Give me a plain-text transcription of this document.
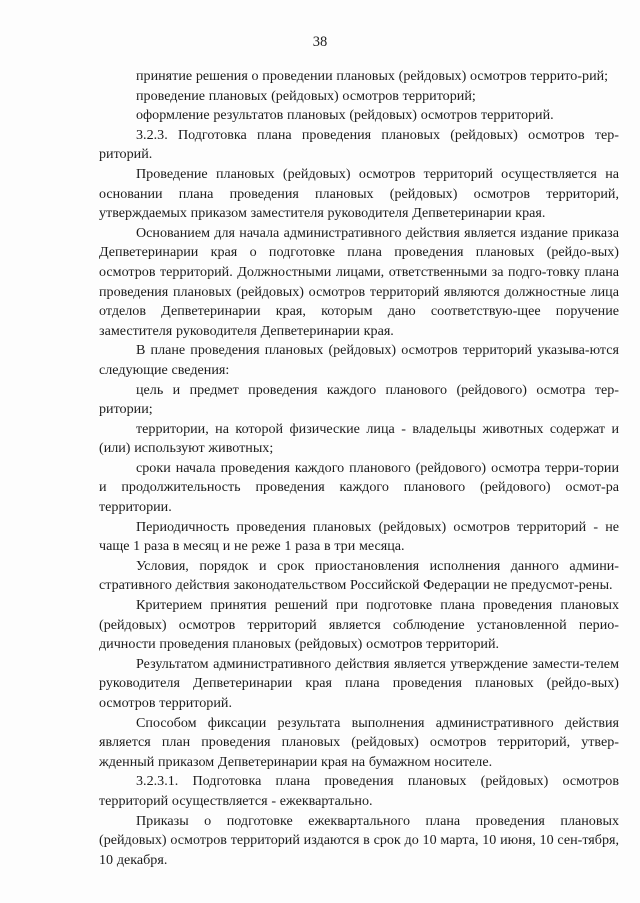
38

принятие решения о проведении плановых (рейдовых) осмотров террито-рий;

проведение плановых (рейдовых) осмотров территорий;

оформление результатов плановых (рейдовых) осмотров территорий.

3.2.3. Подготовка плана проведения плановых (рейдовых) осмотров тер-риторий.

Проведение плановых (рейдовых) осмотров территорий осуществляется на основании плана проведения плановых (рейдовых) осмотров территорий, утверждаемых приказом заместителя руководителя Депветеринарии края.

Основанием для начала административного действия является издание приказа Депветеринарии края о подготовке плана проведения плановых (рейдо-вых) осмотров территорий. Должностными лицами, ответственными за подго-товку плана проведения плановых (рейдовых) осмотров территорий являются должностные лица отделов Депветеринарии края, которым дано соответствую-щее поручение заместителя руководителя Депветеринарии края.

В плане проведения плановых (рейдовых) осмотров территорий указыва-ются следующие сведения:

цель и предмет проведения каждого планового (рейдового) осмотра тер-ритории;

территории, на которой физические лица - владельцы животных содержат и (или) используют животных;

сроки начала проведения каждого планового (рейдового) осмотра терри-тории и продолжительность проведения каждого планового (рейдового) осмот-ра территории.

Периодичность проведения плановых (рейдовых) осмотров территорий - не чаще 1 раза в месяц и не реже 1 раза в три месяца.

Условия, порядок и срок приостановления исполнения данного админи-стративного действия законодательством Российской Федерации не предусмот-рены.

Критерием принятия решений при подготовке плана проведения плановых (рейдовых) осмотров территорий является соблюдение установленной перио-дичности проведения плановых (рейдовых) осмотров территорий.

Результатом административного действия является утверждение замести-телем руководителя Депветеринарии края плана проведения плановых (рейдо-вых) осмотров территорий.

Способом фиксации результата выполнения административного действия является план проведения плановых (рейдовых) осмотров территорий, утвер-жденный приказом Депветеринарии края на бумажном носителе.

3.2.3.1. Подготовка плана проведения плановых (рейдовых) осмотров территорий осуществляется - ежеквартально.

Приказы о подготовке ежеквартального плана проведения плановых (рейдовых) осмотров территорий издаются в срок до 10 марта, 10 июня, 10 сен-тября, 10 декабря.
